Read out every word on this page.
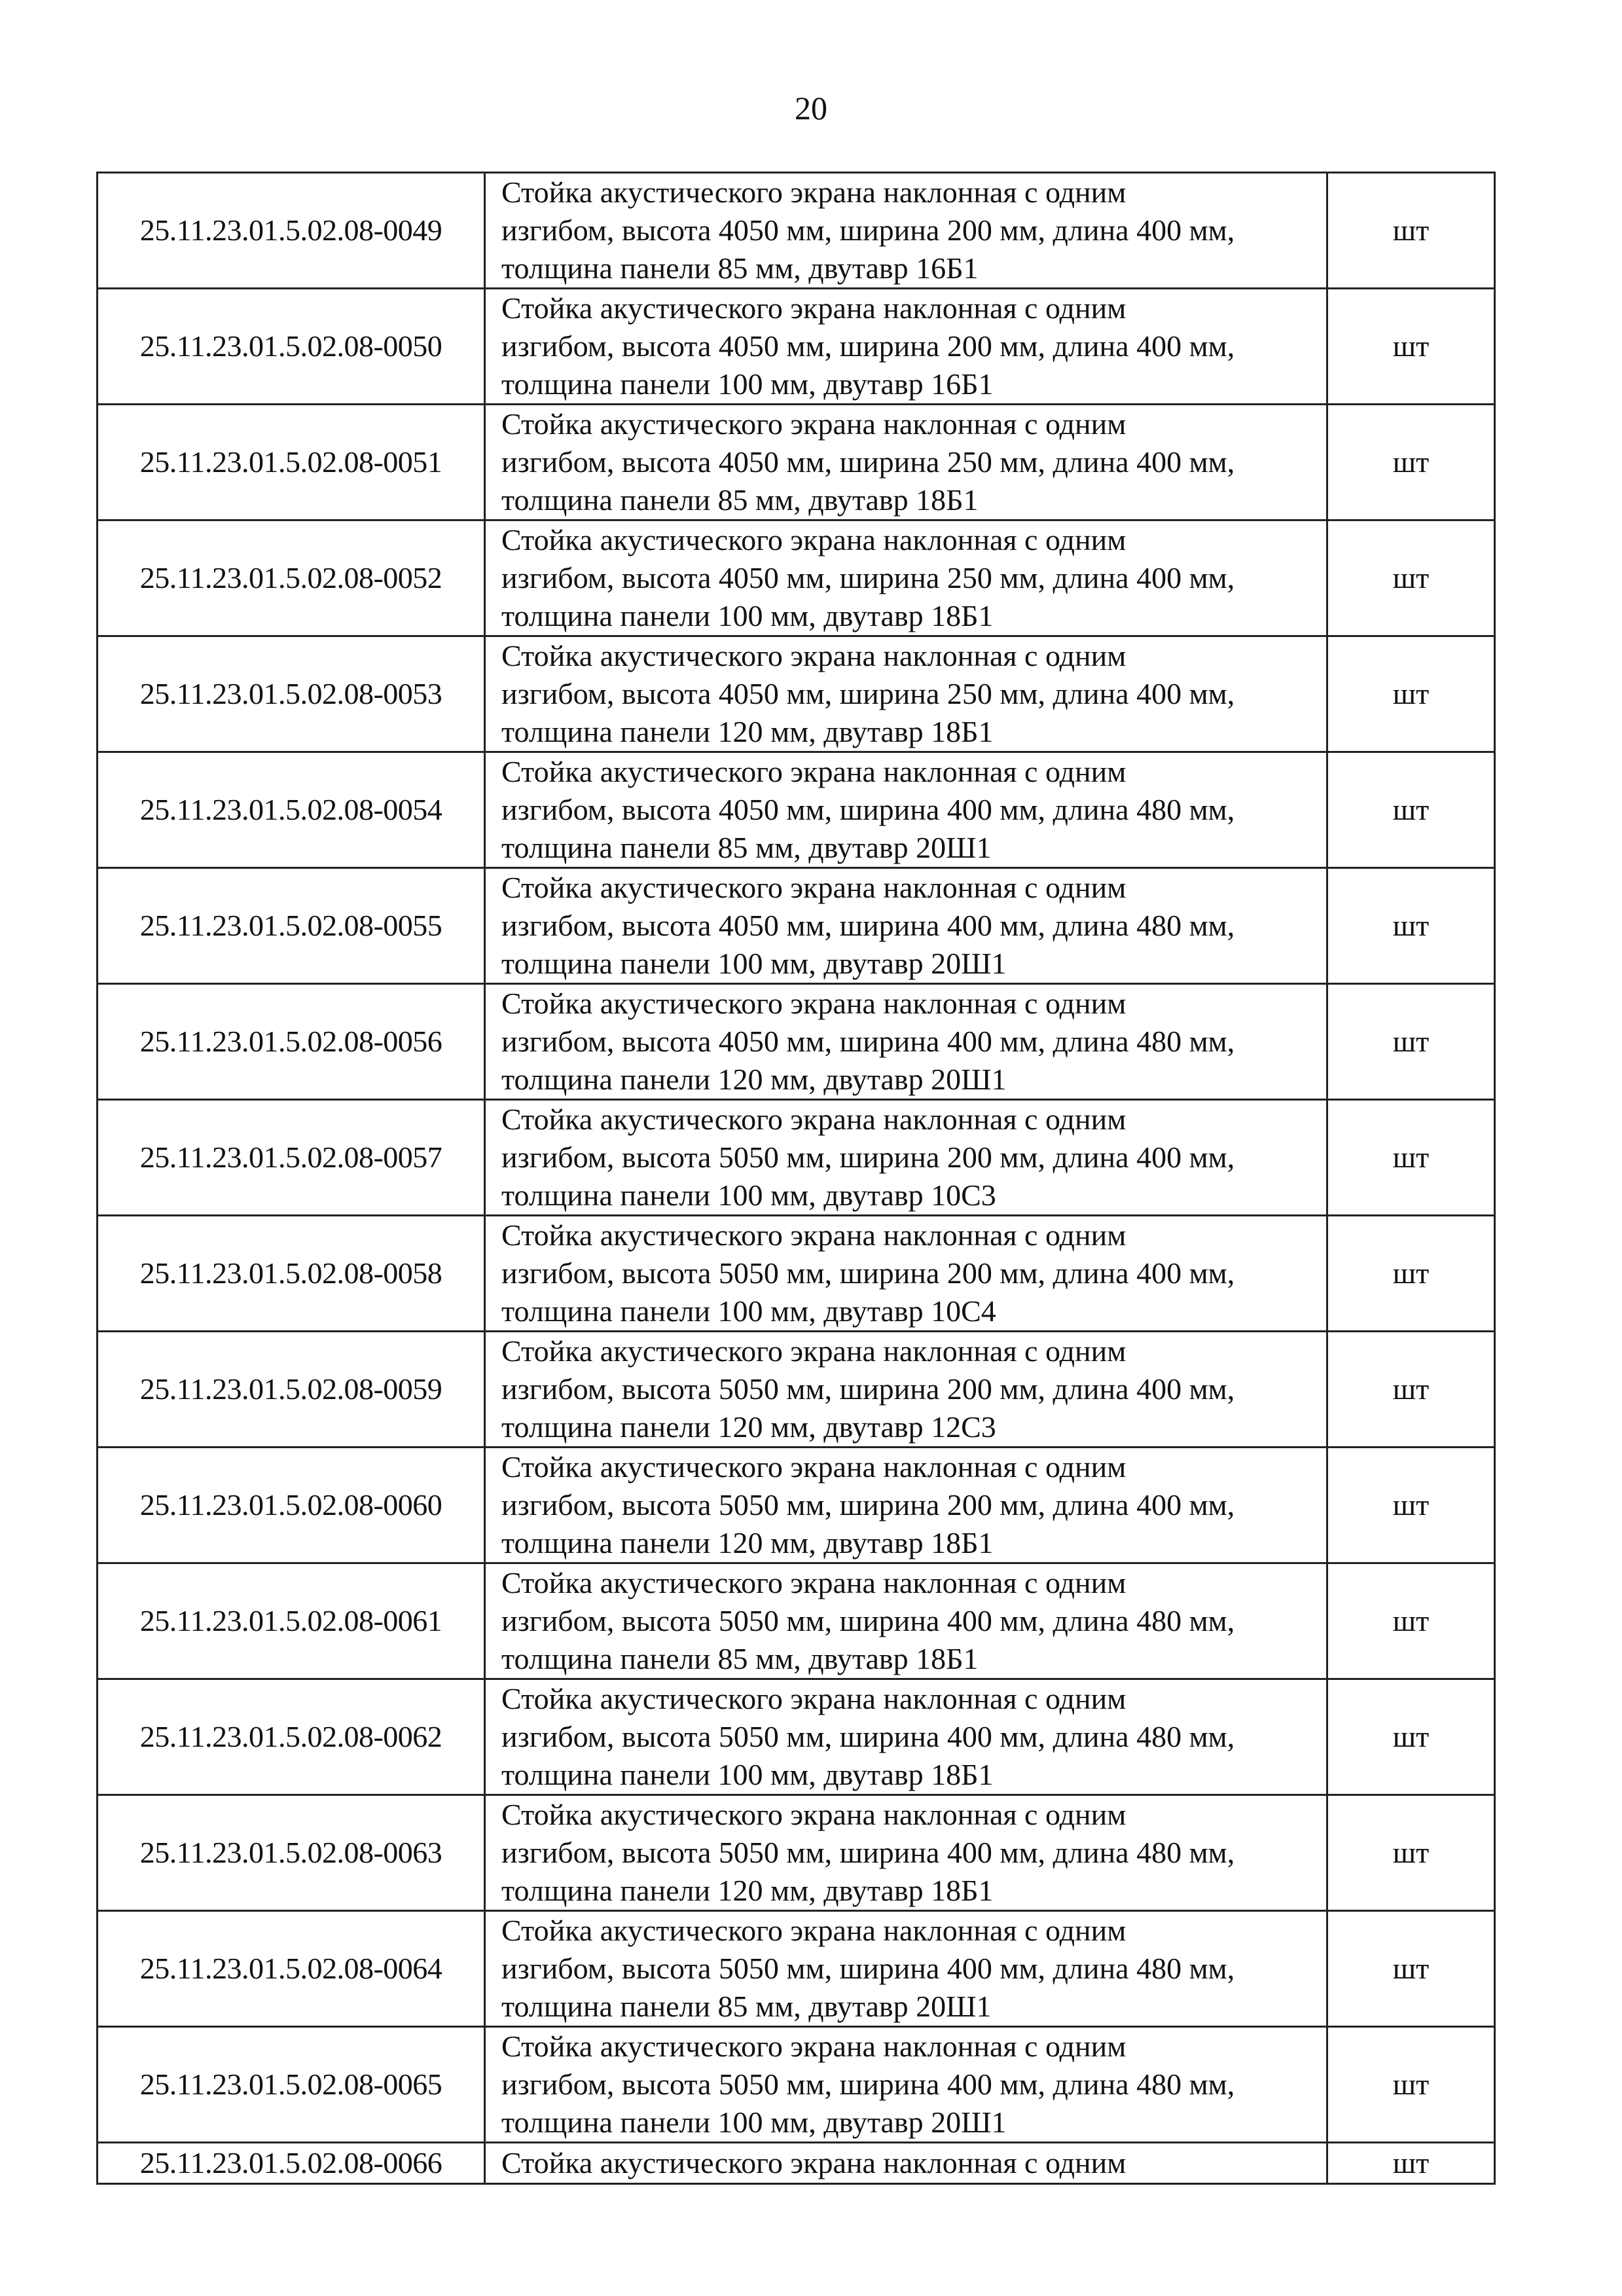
20
25.11.23.01.5.02.08-0049	Стойка акустического экрана наклонная с одним
изгибом, высота 4050 мм, ширина 200 мм, длина 400 мм,
толщина панели 85 мм, двутавр 16Б1	шт
25.11.23.01.5.02.08-0050	Стойка акустического экрана наклонная с одним
изгибом, высота 4050 мм, ширина 200 мм, длина 400 мм,
толщина панели 100 мм, двутавр 16Б1	шт
25.11.23.01.5.02.08-0051	Стойка акустического экрана наклонная с одним
изгибом, высота 4050 мм, ширина 250 мм, длина 400 мм,
толщина панели 85 мм, двутавр 18Б1	шт
25.11.23.01.5.02.08-0052	Стойка акустического экрана наклонная с одним
изгибом, высота 4050 мм, ширина 250 мм, длина 400 мм,
толщина панели 100 мм, двутавр 18Б1	шт
25.11.23.01.5.02.08-0053	Стойка акустического экрана наклонная с одним
изгибом, высота 4050 мм, ширина 250 мм, длина 400 мм,
толщина панели 120 мм, двутавр 18Б1	шт
25.11.23.01.5.02.08-0054	Стойка акустического экрана наклонная с одним
изгибом, высота 4050 мм, ширина 400 мм, длина 480 мм,
толщина панели 85 мм, двутавр 20Ш1	шт
25.11.23.01.5.02.08-0055	Стойка акустического экрана наклонная с одним
изгибом, высота 4050 мм, ширина 400 мм, длина 480 мм,
толщина панели 100 мм, двутавр 20Ш1	шт
25.11.23.01.5.02.08-0056	Стойка акустического экрана наклонная с одним
изгибом, высота 4050 мм, ширина 400 мм, длина 480 мм,
толщина панели 120 мм, двутавр 20Ш1	шт
25.11.23.01.5.02.08-0057	Стойка акустического экрана наклонная с одним
изгибом, высота 5050 мм, ширина 200 мм, длина 400 мм,
толщина панели 100 мм, двутавр 10С3	шт
25.11.23.01.5.02.08-0058	Стойка акустического экрана наклонная с одним
изгибом, высота 5050 мм, ширина 200 мм, длина 400 мм,
толщина панели 100 мм, двутавр 10С4	шт
25.11.23.01.5.02.08-0059	Стойка акустического экрана наклонная с одним
изгибом, высота 5050 мм, ширина 200 мм, длина 400 мм,
толщина панели 120 мм, двутавр 12С3	шт
25.11.23.01.5.02.08-0060	Стойка акустического экрана наклонная с одним
изгибом, высота 5050 мм, ширина 200 мм, длина 400 мм,
толщина панели 120 мм, двутавр 18Б1	шт
25.11.23.01.5.02.08-0061	Стойка акустического экрана наклонная с одним
изгибом, высота 5050 мм, ширина 400 мм, длина 480 мм,
толщина панели 85 мм, двутавр 18Б1	шт
25.11.23.01.5.02.08-0062	Стойка акустического экрана наклонная с одним
изгибом, высота 5050 мм, ширина 400 мм, длина 480 мм,
толщина панели 100 мм, двутавр 18Б1	шт
25.11.23.01.5.02.08-0063	Стойка акустического экрана наклонная с одним
изгибом, высота 5050 мм, ширина 400 мм, длина 480 мм,
толщина панели 120 мм, двутавр 18Б1	шт
25.11.23.01.5.02.08-0064	Стойка акустического экрана наклонная с одним
изгибом, высота 5050 мм, ширина 400 мм, длина 480 мм,
толщина панели 85 мм, двутавр 20Ш1	шт
25.11.23.01.5.02.08-0065	Стойка акустического экрана наклонная с одним
изгибом, высота 5050 мм, ширина 400 мм, длина 480 мм,
толщина панели 100 мм, двутавр 20Ш1	шт
25.11.23.01.5.02.08-0066	Стойка акустического экрана наклонная с одним	шт
